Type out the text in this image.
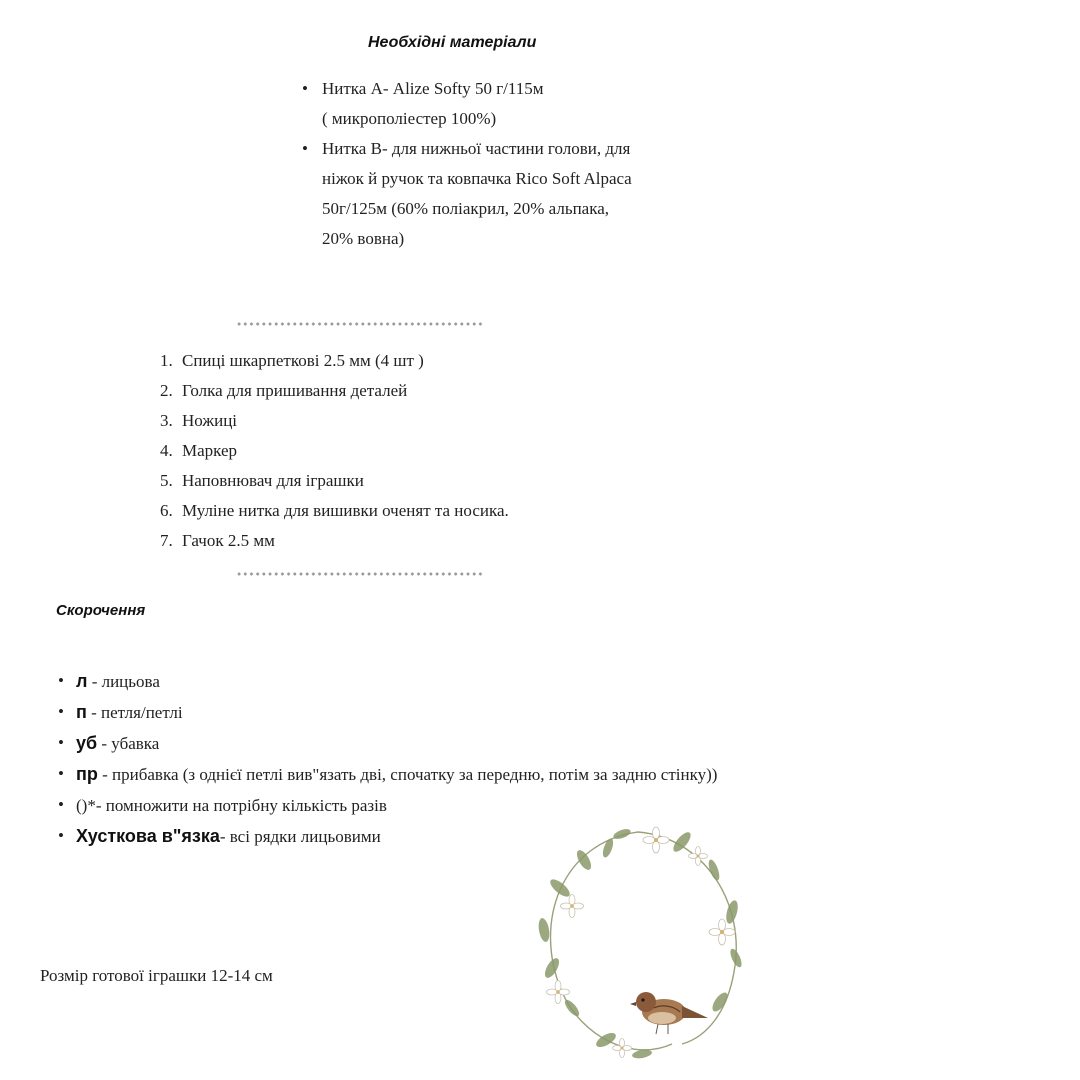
Необхідні матеріали
• Нитка А- Alize Softy 50 г/115м
( микрополіестер 100%)
• Нитка В- для нижньої частини голови, для
ніжок й ручок та ковпачка Rico Soft Alpaca
50г/125м (60% поліакрил, 20% альпака,
20% вовна)
1. Спиці шкарпеткові 2.5 мм (4 шт )
2. Голка для пришивання деталей
3. Ножиці
4. Маркер
5. Наповнювач для іграшки
6. Муліне нитка для вишивки оченят та носика.
7. Гачок 2.5 мм
Скорочення
• л - лицьова
• п - петля/петлі
• уб - убавка
• пр - прибавка (з однієї петлі вив"язать дві, спочатку за передню, потім за задню стінку))
• ()*- помножити на потрібну кількість разів
• Хусткова в"язка- всі рядки лицьовими
Розмір готової іграшки 12-14 см
